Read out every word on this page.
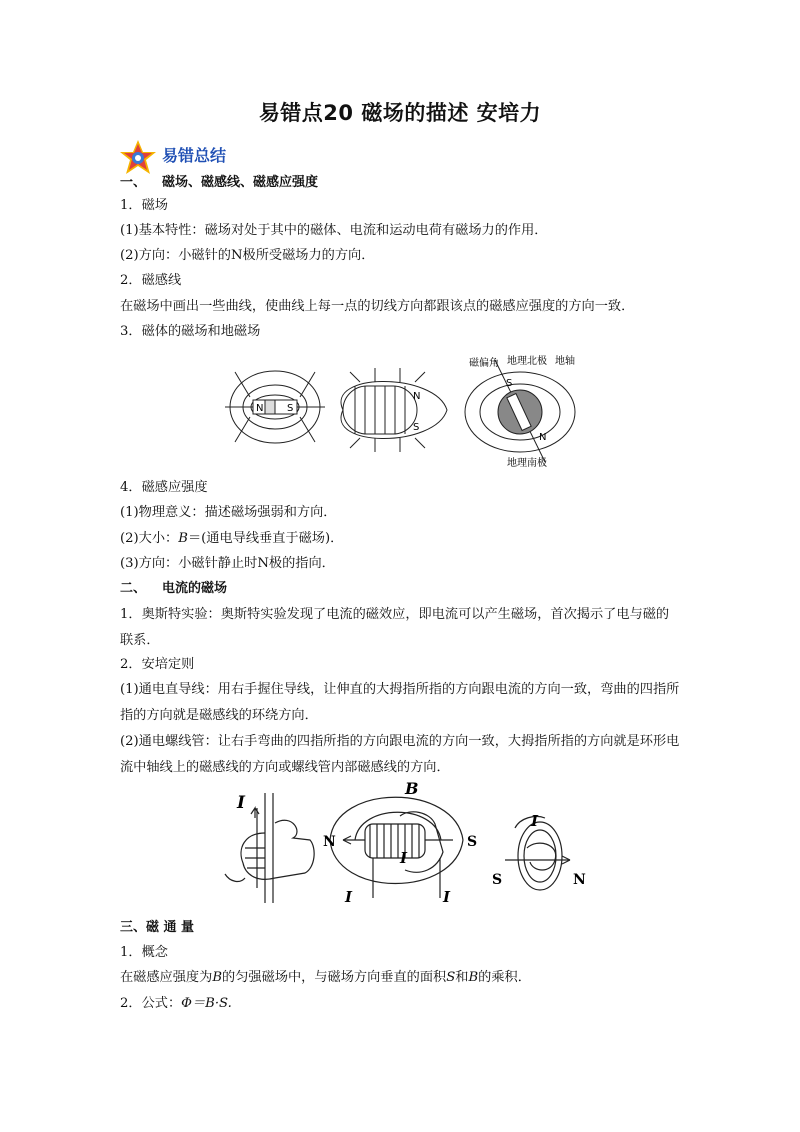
易错点20 磁场的描述 安培力
易错总结
一、 磁场、磁感线、磁感应强度
1．磁场
(1)基本特性：磁场对处于其中的磁体、电流和运动电荷有磁场力的作用．
(2)方向：小磁针的N极所受磁场力的方向．
2．磁感线
在磁场中画出一些曲线，使曲线上每一点的切线方向都跟该点的磁感应强度的方向一致．
3．磁体的磁场和地磁场
N S
N
S
磁偏角 地理北极 地轴
地理南极
S
N
4．磁感应强度
(1)物理意义：描述磁场强弱和方向．
(2)大小：B＝(通电导线垂直于磁场)．
(3)方向：小磁针静止时N极的指向．
二、 电流的磁场
1．奥斯特实验：奥斯特实验发现了电流的磁效应，即电流可以产生磁场，首次揭示了电与磁的联系．
2．安培定则
(1)通电直导线：用右手握住导线，让伸直的大拇指所指的方向跟电流的方向一致，弯曲的四指所指的方向就是磁感线的环绕方向．
(2)通电螺线管：让右手弯曲的四指所指的方向跟电流的方向一致，大拇指所指的方向就是环形电流中轴线上的磁感线的方向或螺线管内部磁感线的方向．
I
B
N	S
I
I	I
I
S	N
三、磁 通 量
1．概念
在磁感应强度为B的匀强磁场中，与磁场方向垂直的面积S和B的乘积．
2．公式：Φ＝B·S.
